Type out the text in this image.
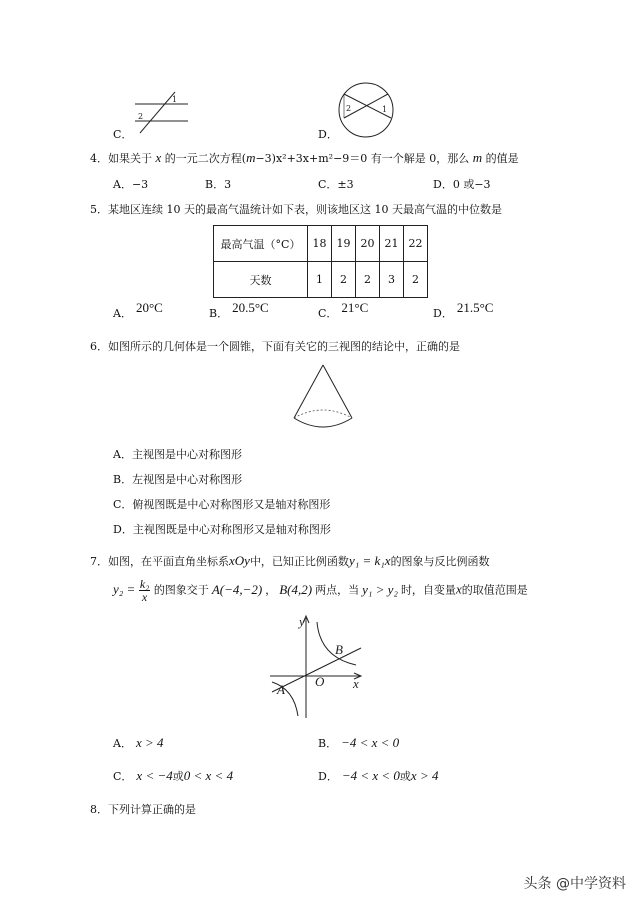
1
2
C．
2	1
D．
4．如果关于 x 的一元二次方程(m−3)x²+3x+m²−9＝0 有一个解是 0，那么 m 的值是
A．−3	B．3	C．±3	D．0 或−3
5．某地区连续 10 天的最高气温统计如下表，则该地区这 10 天最高气温的中位数是
最高气温（°C）	18	19	20	21	22
天数	1	2	2	3	2
A． 20°C	B． 20.5°C	C． 21°C	D． 21.5°C
6．如图所示的几何体是一个圆锥，下面有关它的三视图的结论中，正确的是
A．主视图是中心对称图形
B．左视图是中心对称图形
C．俯视图既是中心对称图形又是轴对称图形
D．主视图既是中心对称图形又是轴对称图形
7．如图，在平面直角坐标系xOy中，已知正比例函数y₁ = k₁x的图象与反比例函数
$y_2 = \frac{\text{k₂}}{x}$ 的图象交于 A(−4,−2) ， B(4,2) 两点，当 y₁ > y₂ 时，自变量x的取值范围是
y
x
O
A
B
A． x > 4	B． −4 < x < 0
C． x < −4或0 < x < 4	D． −4 < x < 0或x > 4
8．下列计算正确的是
头条 @中学资料
